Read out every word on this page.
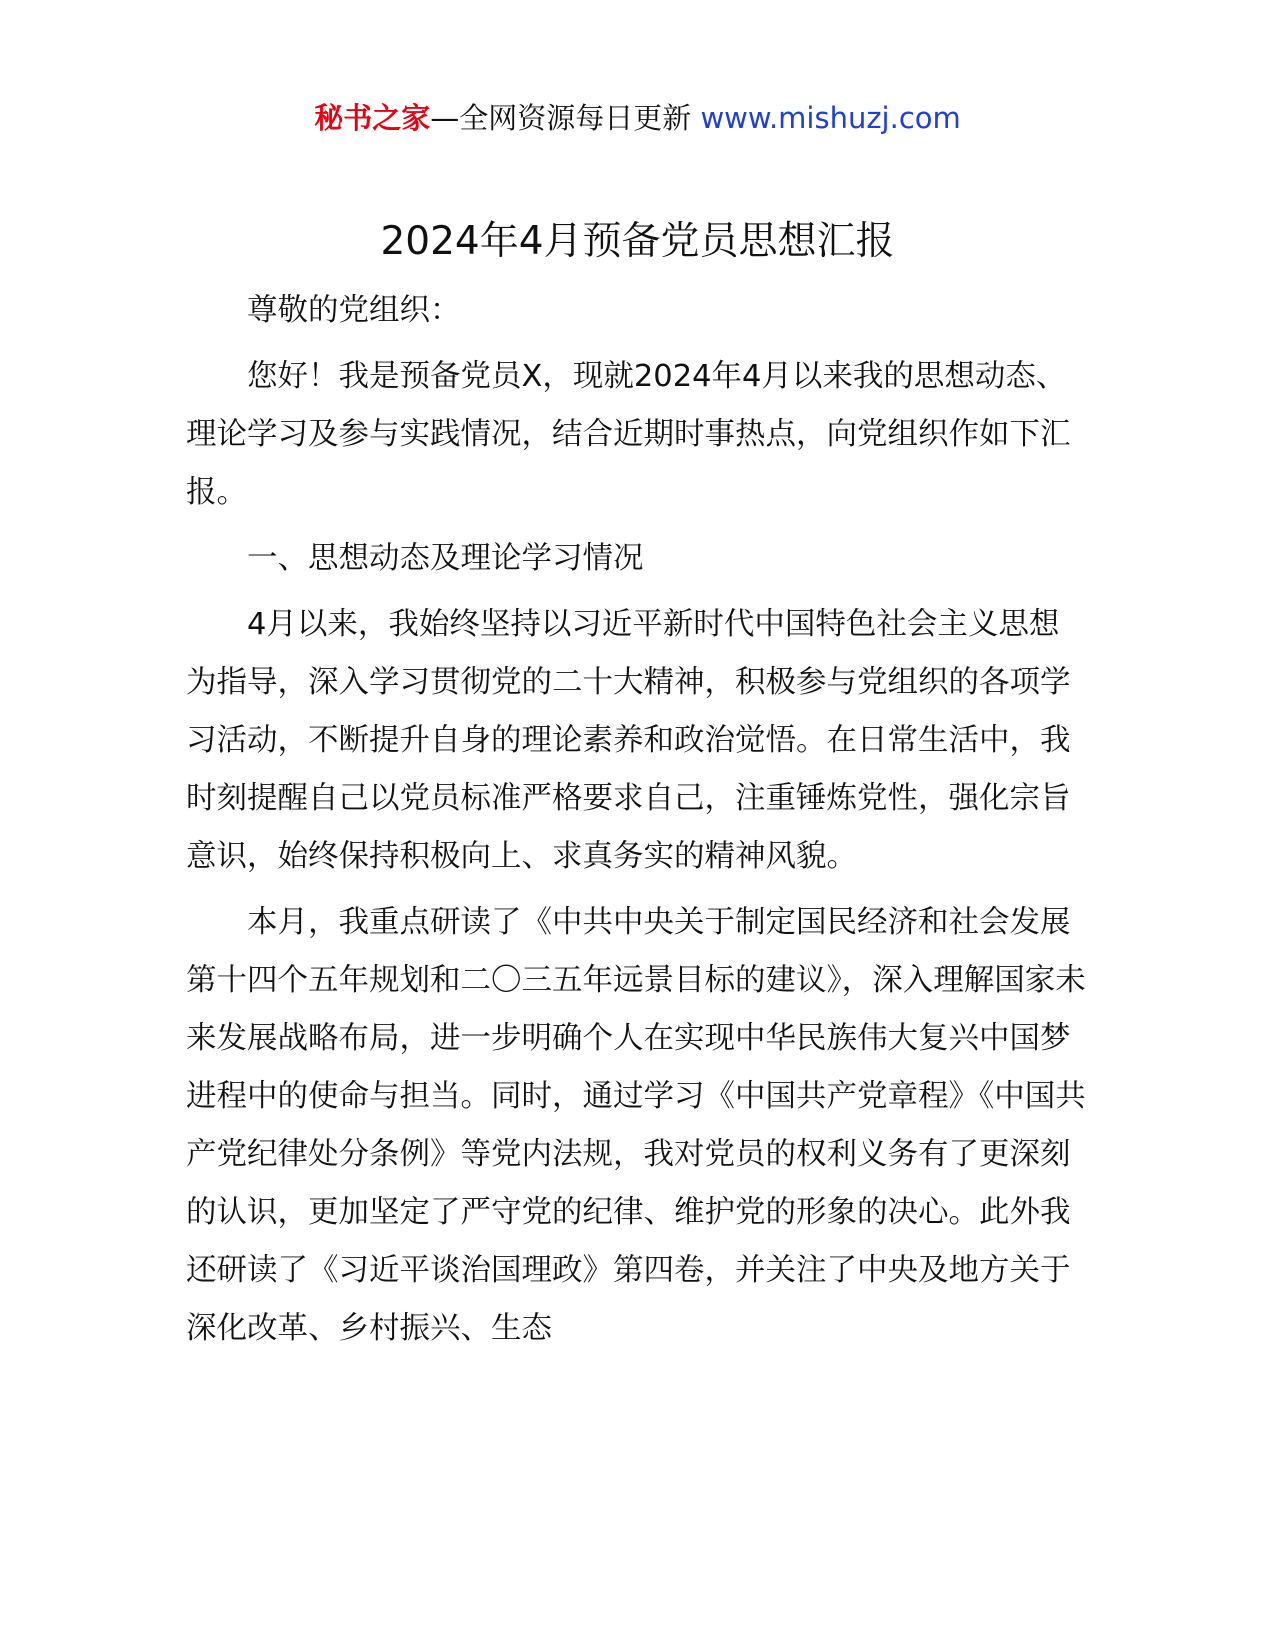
秘书之家—全网资源每日更新 www.mishuzj.com
2024年4月预备党员思想汇报

尊敬的党组织：

您好！我是预备党员X，现就2024年4月以来我的思想动态、理论学习及参与实践情况，结合近期时事热点，向党组织作如下汇报。

一、思想动态及理论学习情况

4月以来，我始终坚持以习近平新时代中国特色社会主义思想为指导，深入学习贯彻党的二十大精神，积极参与党组织的各项学习活动，不断提升自身的理论素养和政治觉悟。在日常生活中，我时刻提醒自己以党员标准严格要求自己，注重锤炼党性，强化宗旨意识，始终保持积极向上、求真务实的精神风貌。

本月，我重点研读了《中共中央关于制定国民经济和社会发展第十四个五年规划和二〇三五年远景目标的建议》，深入理解国家未来发展战略布局，进一步明确个人在实现中华民族伟大复兴中国梦进程中的使命与担当。同时，通过学习《中国共产党章程》《中国共产党纪律处分条例》等党内法规，我对党员的权利义务有了更深刻的认识，更加坚定了严守党的纪律、维护党的形象的决心。此外我还研读了《习近平谈治国理政》第四卷，并关注了中央及地方关于深化改革、乡村振兴、生态
